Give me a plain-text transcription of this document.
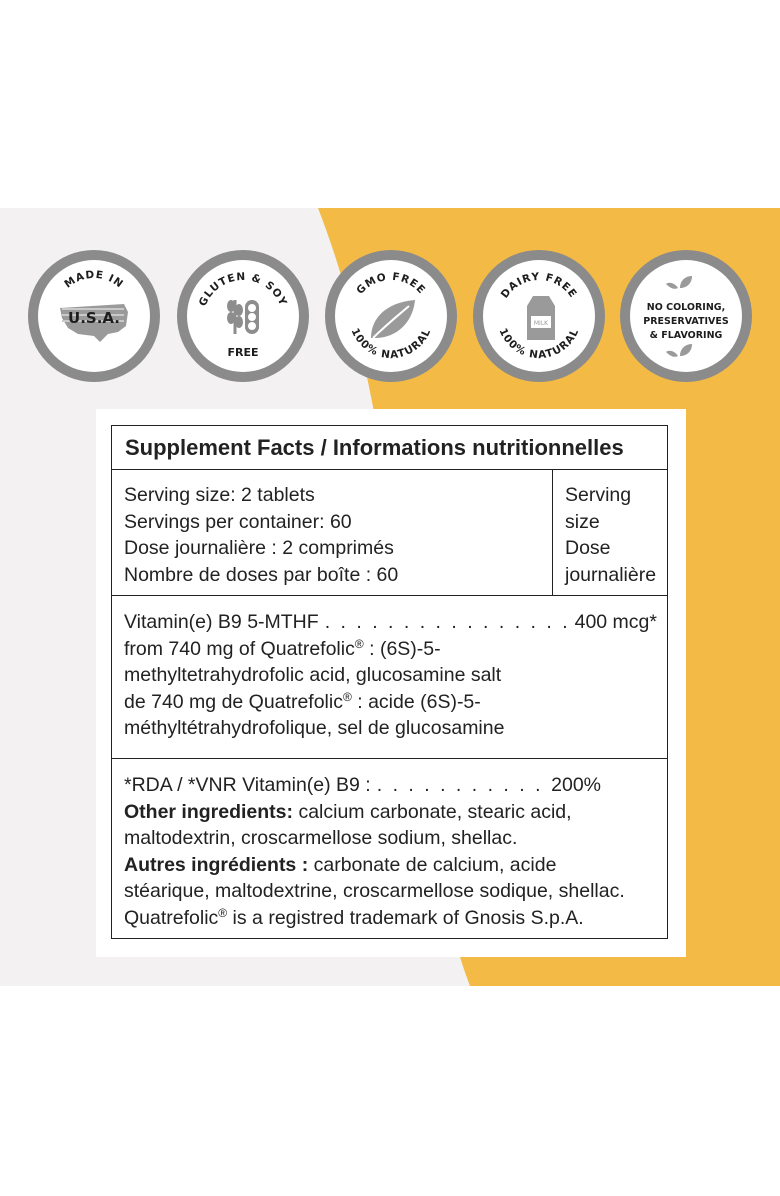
MADE IN
U.S.A.
GLUTEN & SOY
FREE
GMO FREE
100% NATURAL
DAIRY FREE
MILK
100% NATURAL
NO COLORING,
PRESERVATIVES
& FLAVORING
Supplement Facts / Informations nutritionnelles
Serving size: 2 tablets
Servings per container: 60
Dose journalière : 2 comprimés
Nombre de doses par boîte : 60
Serving
size
Dose
journalière
Vitamin(e) B9 5-MTHF . . .	400 mcg*
from 740 mg of Quatrefolic® : (6S)-5-
methyltetrahydrofolic acid, glucosamine salt
de 740 mg de Quatrefolic® : acide (6S)-5-
méthyltétrahydrofolique, sel de glucosamine
*RDA / *VNR Vitamin(e) B9 : . . .	200%
Other ingredients: calcium carbonate, stearic acid,
maltodextrin, croscarmellose sodium, shellac.
Autres ingrédients : carbonate de calcium, acide
stéarique, maltodextrine, croscarmellose sodique, shellac.
Quatrefolic® is a registred trademark of Gnosis S.p.A.
